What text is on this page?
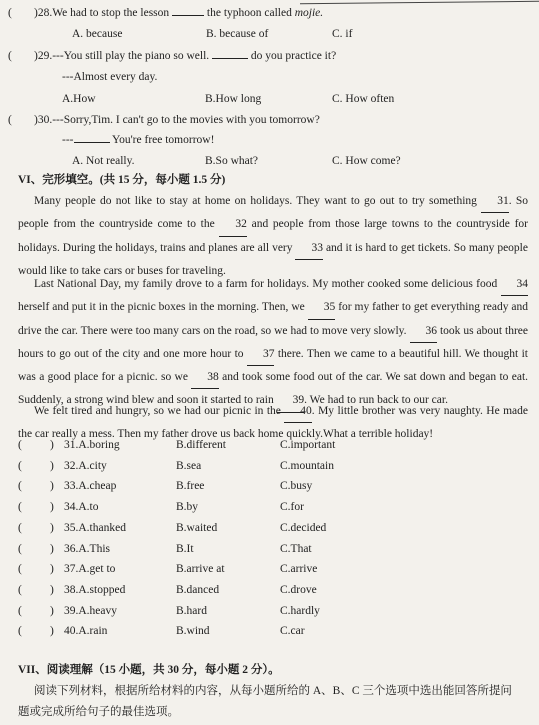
( )28.We had to stop the lesson	the typhoon called mojie.
A. because	B. because of	C. if
( )29.---You still play the piano so well.	do you practice it?
---Almost every day.
A.How	B.How long	C. How often
( )30.---Sorry,Tim. I can't go to the movies with you tomorrow?
---	You're free tomorrow!
A. Not really.	B.So what?	C. How come?
VI、完形填空。(共 15 分，每小题 1.5 分)
Many people do not like to stay at home on holidays. They want to go out to try something 31. So people from the countryside come to the 32 and people from those large towns to the countryside for holidays. During the holidays, trains and planes are all very 33 and it is hard to get tickets. So many people would like to take cars or buses for traveling.
Last National Day, my family drove to a farm for holidays. My mother cooked some delicious food 34 herself and put it in the picnic boxes in the morning. Then, we 35 for my father to get everything ready and drive the car. There were too many cars on the road, so we had to move very slowly. 36 took us about three hours to go out of the city and one more hour to 37 there. Then we came to a beautiful hill. We thought it was a good place for a picnic. so we 38 and took some food out of the car. We sat down and began to eat. Suddenly, a strong wind blew and soon it started to rain 39. We had to run back to our car.
We felt tired and hungry, so we had our picnic in the 40. My little brother was very naughty. He made the car really a mess. Then my father drove us back home quickly.What a terrible holiday!
( ) 31.A.boring	B.different	C.important
( ) 32.A.city	B.sea	C.mountain
( ) 33.A.cheap	B.free	C.busy
( ) 34.A.to	B.by	C.for
( ) 35.A.thanked	B.waited	C.decided
( ) 36.A.This	B.It	C.That
( ) 37.A.get to	B.arrive at	C.arrive
( ) 38.A.stopped	B.danced	C.drove
( ) 39.A.heavy	B.hard	C.hardly
( ) 40.A.rain	B.wind	C.car
VII、阅读理解（15 小题，共 30 分，每小题 2 分）。
阅读下列材料，根据所给材料的内容，从每小题所给的 A、B、C 三个选项中选出能回答所提问
题或完成所给句子的最佳选项。
